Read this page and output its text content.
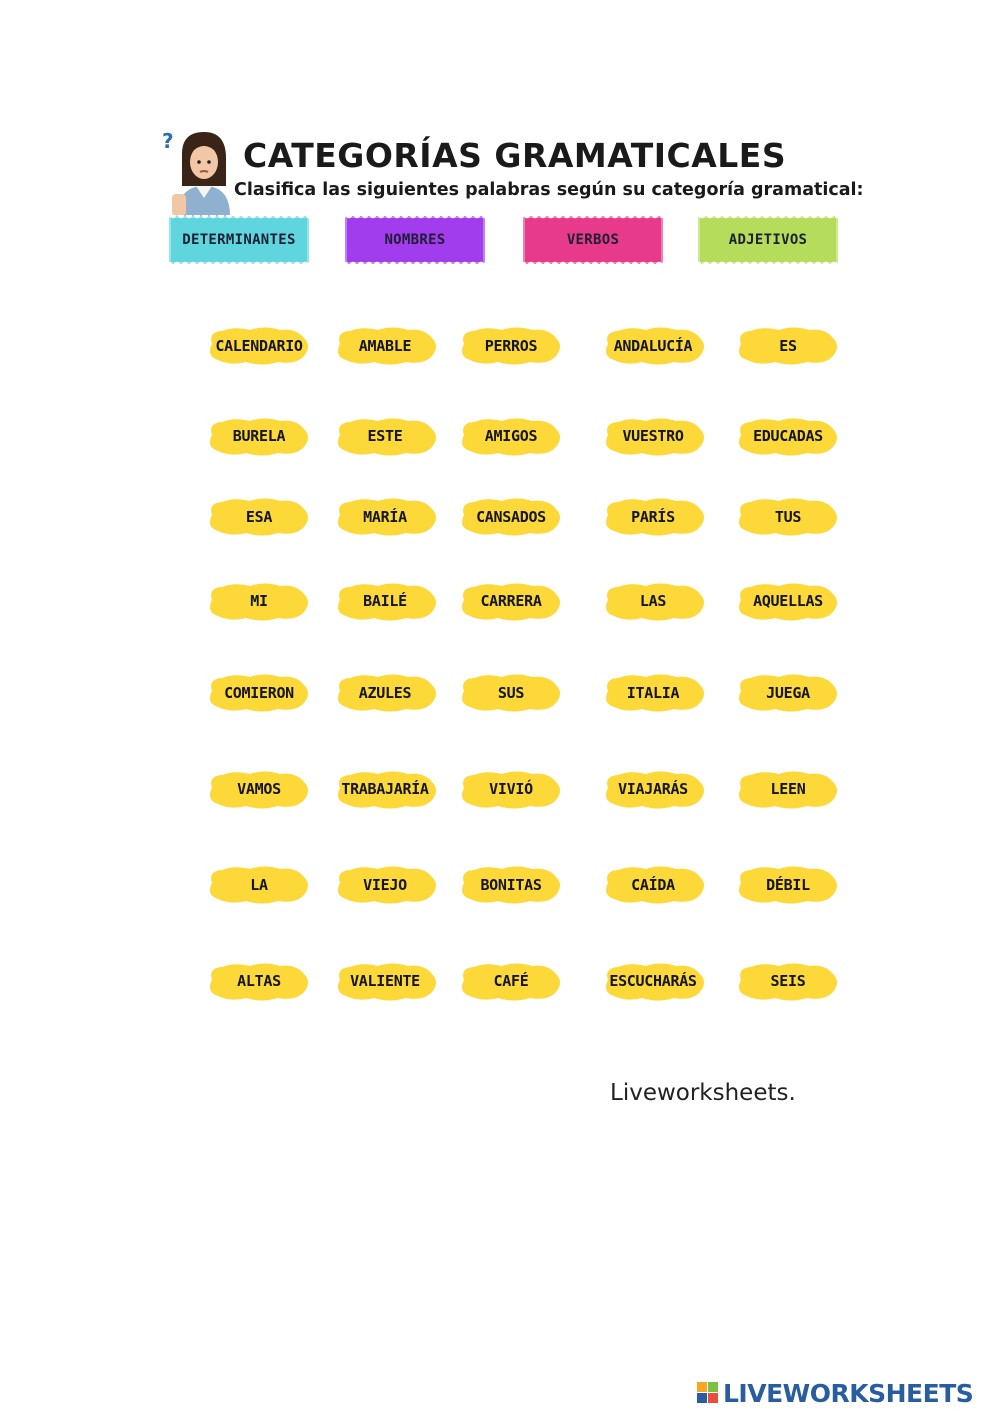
? CATEGORÍAS GRAMATICALES
Clasifica las siguientes palabras según su categoría gramatical:
DETERMINANTES	NOMBRES	VERBOS	ADJETIVOS
CALENDARIO	AMABLE	PERROS	ANDALUCÍA	ES
BURELA	ESTE	AMIGOS	VUESTRO	EDUCADAS
ESA	MARÍA	CANSADOS	PARÍS	TUS
MI	BAILÉ	CARRERA	LAS	AQUELLAS
COMIERON	AZULES	SUS	ITALIA	JUEGA
VAMOS	TRABAJARÍA	VIVIÓ	VIAJARÁS	LEEN
LA	VIEJO	BONITAS	CAÍDA	DÉBIL
ALTAS	VALIENTE	CAFÉ	ESCUCHARÁS	SEIS
Liveworksheets.
LIVEWORKSHEETS
